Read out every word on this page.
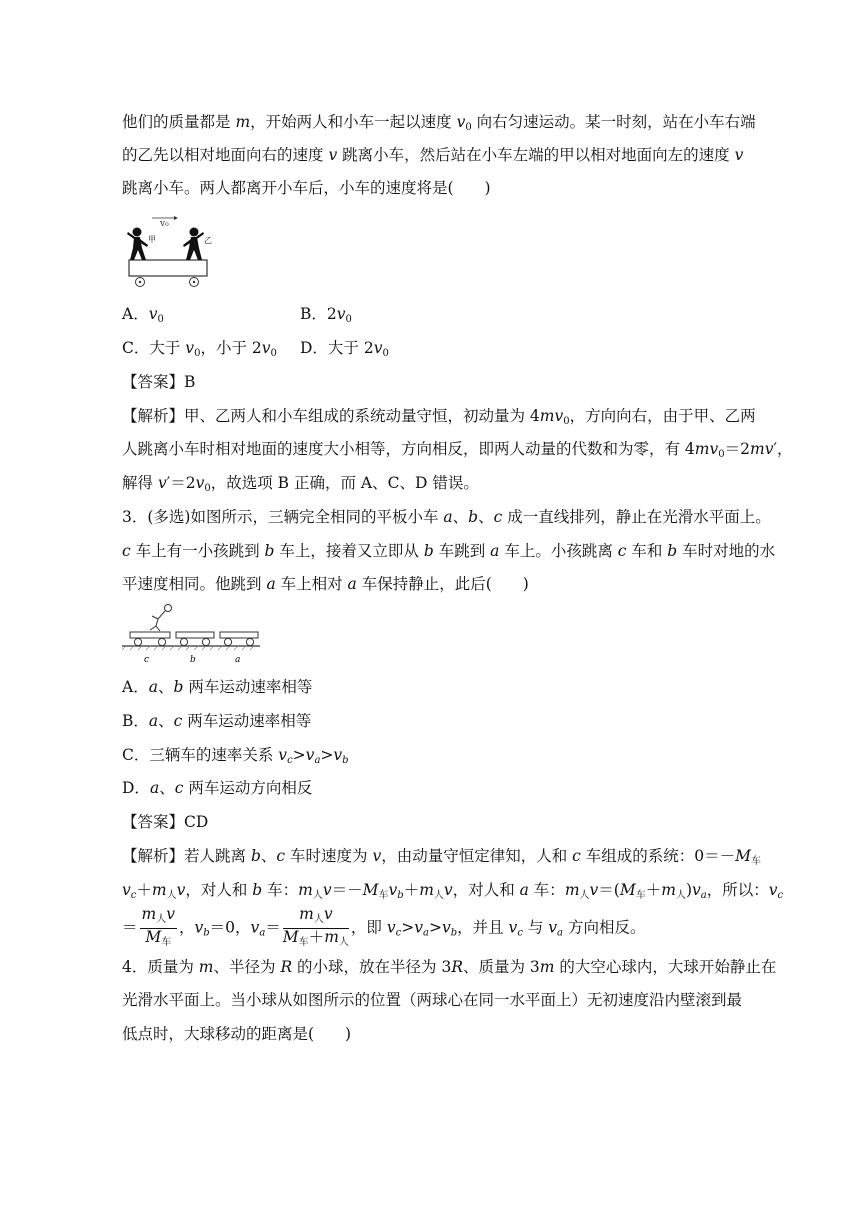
他们的质量都是 m，开始两人和小车一起以速度 $v_0$ 向右匀速运动。某一时刻，站在小车右端
的乙先以相对地面向右的速度 v 跳离小车，然后站在小车左端的甲以相对地面向左的速度 v
跳离小车。两人都离开小车后，小车的速度将是(　　)
v₀
甲	乙
A．$v_0$	B．$2v_0$
C．大于 $v_0$，小于 $2v_0$ D．大于 $2v_0$
【答案】B
【解析】甲、乙两人和小车组成的系统动量守恒，初动量为 $4mv_0$，方向向右，由于甲、乙两
人跳离小车时相对地面的速度大小相等，方向相反，即两人动量的代数和为零，有 $4mv_0=2mv'$，
解得 $v'=2v_0$，故选项 B 正确，而 A、C、D 错误。
3．(多选)如图所示，三辆完全相同的平板小车 a、b、c 成一直线排列，静止在光滑水平面上。
c 车上有一小孩跳到 b 车上，接着又立即从 b 车跳到 a 车上。小孩跳离 c 车和 b 车时对地的水
平速度相同。他跳到 a 车上相对 a 车保持静止，此后(　　)
c	b	a
A．a、b 两车运动速率相等
B．a、c 两车运动速率相等
C．三辆车的速率关系 $v_c>v_a>v_b$
D．a、c 两车运动方向相反
【答案】CD
【解析】若人跳离 b、c 车时速度为 v，由动量守恒定律知，人和 c 车组成的系统：$0=-M_车$
$v_c+m_人v$，对人和 b 车：$m_人v=-M_车v_b+m_人v$，对人和 a 车：$m_人v=(M_车+m_人)v_a$，所以：$v_c$
＝ $\frac{m_人v}{M_车}$ ，$v_b=0$，$v_a= \frac{m_人v}{M_车+m_人}$ ，即 $v_c>v_a>v_b$，并且 $v_c$ 与 $v_a$ 方向相反。
4．质量为 m、半径为 R 的小球，放在半径为 3R、质量为 3m 的大空心球内，大球开始静止在
光滑水平面上。当小球从如图所示的位置（两球心在同一水平面上）无初速度沿内壁滚到最
低点时，大球移动的距离是(　　)
